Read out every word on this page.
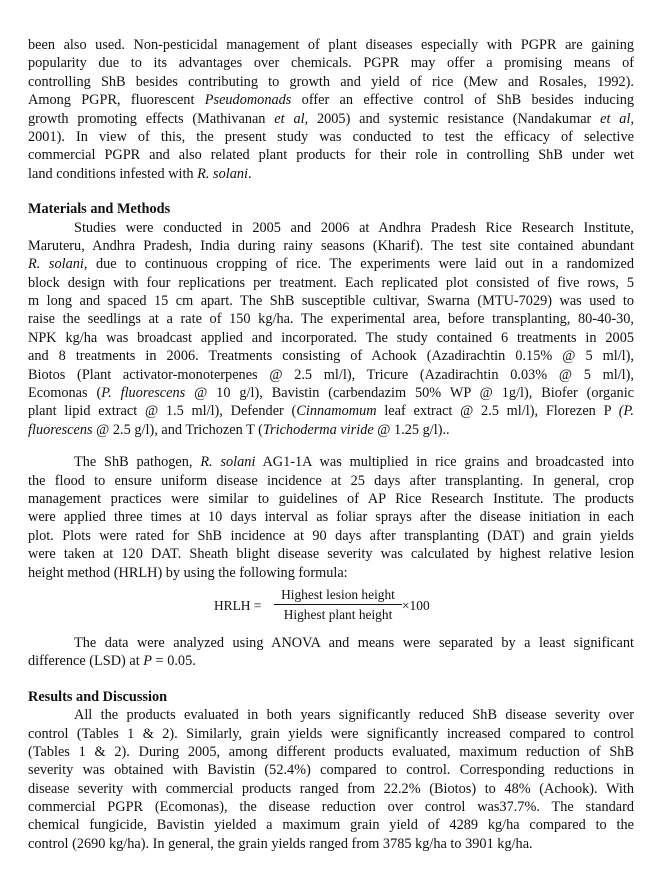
been also used. Non-pesticidal management of plant diseases especially with PGPR are gaining
popularity due to its advantages over chemicals. PGPR may offer a promising means of
controlling ShB besides contributing to growth and yield of rice (Mew and Rosales, 1992).
Among PGPR, fluorescent Pseudomonads offer an effective control of ShB besides inducing
growth promoting effects (Mathivanan et al, 2005) and systemic resistance (Nandakumar et al,
2001). In view of this, the present study was conducted to test the efficacy of selective
commercial PGPR and also related plant products for their role in controlling ShB under wet
land conditions infested with R. solani.
Materials and Methods
Studies were conducted in 2005 and 2006 at Andhra Pradesh Rice Research Institute,
Maruteru, Andhra Pradesh, India during rainy seasons (Kharif). The test site contained abundant
R. solani, due to continuous cropping of rice. The experiments were laid out in a randomized
block design with four replications per treatment. Each replicated plot consisted of five rows, 5
m long and spaced 15 cm apart. The ShB susceptible cultivar, Swarna (MTU-7029) was used to
raise the seedlings at a rate of 150 kg/ha. The experimental area, before transplanting, 80-40-30,
NPK kg/ha was broadcast applied and incorporated. The study contained 6 treatments in 2005
and 8 treatments in 2006. Treatments consisting of Achook (Azadirachtin 0.15% @ 5 ml/l),
Biotos (Plant activator-monoterpenes @ 2.5 ml/l), Tricure (Azadirachtin 0.03% @ 5 ml/l),
Ecomonas (P. fluorescens @ 10 g/l), Bavistin (carbendazim 50% WP @ 1g/l), Biofer (organic
plant lipid extract @ 1.5 ml/l), Defender (Cinnamomum leaf extract @ 2.5 ml/l), Florezen P (P.
fluorescens @ 2.5 g/l), and Trichozen T (Trichoderma viride @ 1.25 g/l)..
The ShB pathogen, R. solani AG1-1A was multiplied in rice grains and broadcasted into
the flood to ensure uniform disease incidence at 25 days after transplanting. In general, crop
management practices were similar to guidelines of AP Rice Research Institute. The products
were applied three times at 10 days interval as foliar sprays after the disease initiation in each
plot. Plots were rated for ShB incidence at 90 days after transplanting (DAT) and grain yields
were taken at 120 DAT. Sheath blight disease severity was calculated by highest relative lesion
height method (HRLH) by using the following formula:
HRLH =
Highest lesion height
Highest plant height
×100
The data were analyzed using ANOVA and means were separated by a least significant
difference (LSD) at P = 0.05.
Results and Discussion
All the products evaluated in both years significantly reduced ShB disease severity over
control (Tables 1 & 2). Similarly, grain yields were significantly increased compared to control
(Tables 1 & 2). During 2005, among different products evaluated, maximum reduction of ShB
severity was obtained with Bavistin (52.4%) compared to control. Corresponding reductions in
disease severity with commercial products ranged from 22.2% (Biotos) to 48% (Achook). With
commercial PGPR (Ecomonas), the disease reduction over control was37.7%. The standard
chemical fungicide, Bavistin yielded a maximum grain yield of 4289 kg/ha compared to the
control (2690 kg/ha). In general, the grain yields ranged from 3785 kg/ha to 3901 kg/ha.
